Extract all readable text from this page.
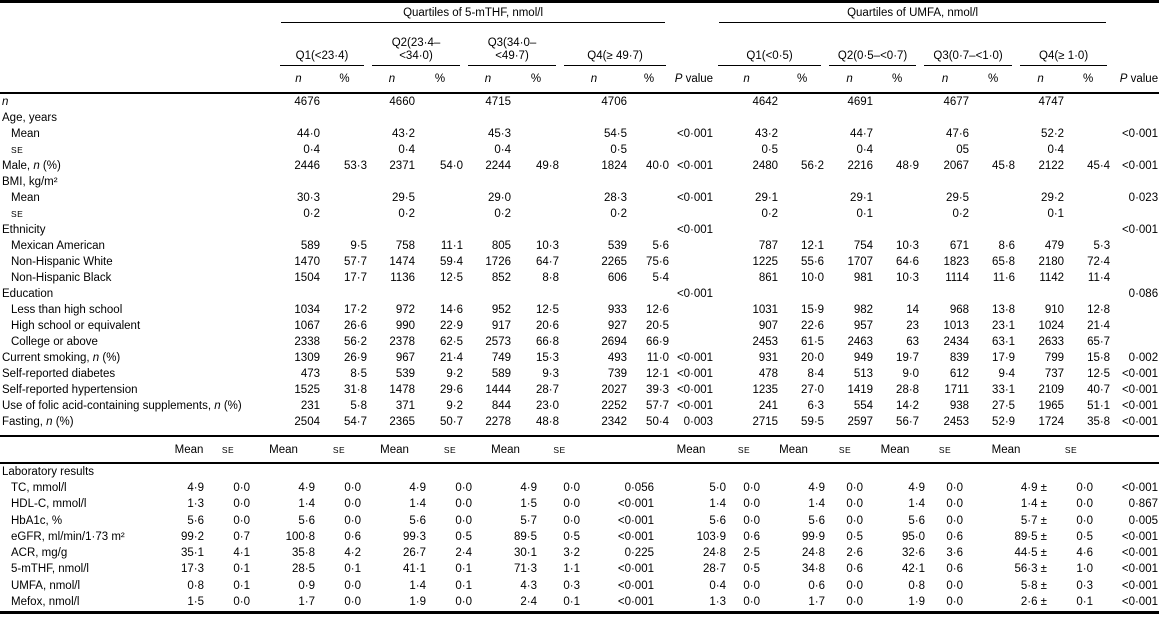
	Quartiles of 5-mTHF, nmol/l									Quartiles of UMFA, nmol/l								

	Q1(<23·4)		Q2(23·4–<34·0)		Q3(34·0–<49·7)		Q4(≥ 49·7)			Q1(<0·5)		Q2(0·5–<0·7)		Q3(0·7–<1·0)		Q4(≥ 1·0)		

	n	%	n	%	n	%	n	%	P value	n	%	n	%	n	%	n	%	P value
n	4676		4660		4715		4706			4642		4691		4677		4747		
Age, years																		
Mean	44·0		43·2		45·3		54·5		<0·001	43·2		44·7		47·6		52·2		<0·001
SE	0·4		0·4		0·4		0·5			0·5		0·4		05		0·4		
Male, n (%)	2446	53·3	2371	54·0	2244	49·8	1824	40·0	<0·001	2480	56·2	2216	48·9	2067	45·8	2122	45·4	<0·001
BMI, kg/m²																		
Mean	30·3		29·5		29·0		28·3		<0·001	29·1		29·1		29·5		29·2		0·023
SE	0·2		0·2		0·2		0·2			0·2		0·1		0·2		0·1		
Ethnicity									<0·001									<0·001
Mexican American	589	9·5	758	11·1	805	10·3	539	5·6		787	12·1	754	10·3	671	8·6	479	5·3	
Non-Hispanic White	1470	57·7	1474	59·4	1726	64·7	2265	75·6		1225	55·6	1707	64·6	1823	65·8	2180	72·4	
Non-Hispanic Black	1504	17·7	1136	12·5	852	8·8	606	5·4		861	10·0	981	10·3	1114	11·6	1142	11·4	
Education									<0·001									0·086
Less than high school	1034	17·2	972	14·6	952	12·5	933	12·6		1031	15·9	982	14	968	13·8	910	12·8	
High school or equivalent	1067	26·6	990	22·9	917	20·6	927	20·5		907	22·6	957	23	1013	23·1	1024	21·4	
College or above	2338	56·2	2378	62·5	2573	66·8	2694	66·9		2453	61·5	2463	63	2434	63·1	2633	65·7	
Current smoking, n (%)	1309	26·9	967	21·4	749	15·3	493	11·0	<0·001	931	20·0	949	19·7	839	17·9	799	15·8	0·002
Self-reported diabetes	473	8·5	539	9·2	589	9·3	739	12·1	<0·001	478	8·4	513	9·0	612	9·4	737	12·5	<0·001
Self-reported hypertension	1525	31·8	1478	29·6	1444	28·7	2027	39·3	<0·001	1235	27·0	1419	28·8	1711	33·1	2109	40·7	<0·001
Use of folic acid-containing supplements, n (%)	231	5·8	371	9·2	844	23·0	2252	57·7	<0·001	241	6·3	554	14·2	938	27·5	1965	51·1	<0·001
Fasting, n (%)	2504	54·7	2365	50·7	2278	48·8	2342	50·4	0·003	2715	59·5	2597	56·7	2453	52·9	1724	35·8	<0·001
	Mean	SE	Mean	SE	Mean	SE	Mean	SE		Mean	SE	Mean	SE	Mean	SE	Mean	SE	
Laboratory results																		
TC, mmol/l	4·9	0·0	4·9	0·0	4·9	0·0	4·9	0·0	0·056	5·0	0·0	4·9	0·0	4·9	0·0	4·9 ±	0·0	<0·001
HDL-C, mmol/l	1·3	0·0	1·4	0·0	1·4	0·0	1·5	0·0	<0·001	1·4	0·0	1·4	0·0	1·4	0·0	1·4 ±	0·0	0·867
HbA1c, %	5·6	0·0	5·6	0·0	5·6	0·0	5·7	0·0	<0·001	5·6	0·0	5·6	0·0	5·6	0·0	5·7 ±	0·0	0·005
eGFR, ml/min/1·73 m²	99·2	0·7	100·8	0·6	99·3	0·5	89·5	0·5	<0·001	103·9	0·6	99·9	0·5	95·0	0·6	89·5 ±	0·5	<0·001
ACR, mg/g	35·1	4·1	35·8	4·2	26·7	2·4	30·1	3·2	0·225	24·8	2·5	24·8	2·6	32·6	3·6	44·5 ±	4·6	<0·001
5-mTHF, nmol/l	17·3	0·1	28·5	0·1	41·1	0·1	71·3	1·1	<0·001	28·7	0·5	34·8	0·6	42·1	0·6	56·3 ±	1·0	<0·001
UMFA, nmol/l	0·8	0·1	0·9	0·0	1·4	0·1	4·3	0·3	<0·001	0·4	0·0	0·6	0·0	0·8	0·0	5·8 ±	0·3	<0·001
Mefox, nmol/l	1·5	0·0	1·7	0·0	1·9	0·0	2·4	0·1	<0·001	1·3	0·0	1·7	0·0	1·9	0·0	2·6 ±	0·1	<0·001
